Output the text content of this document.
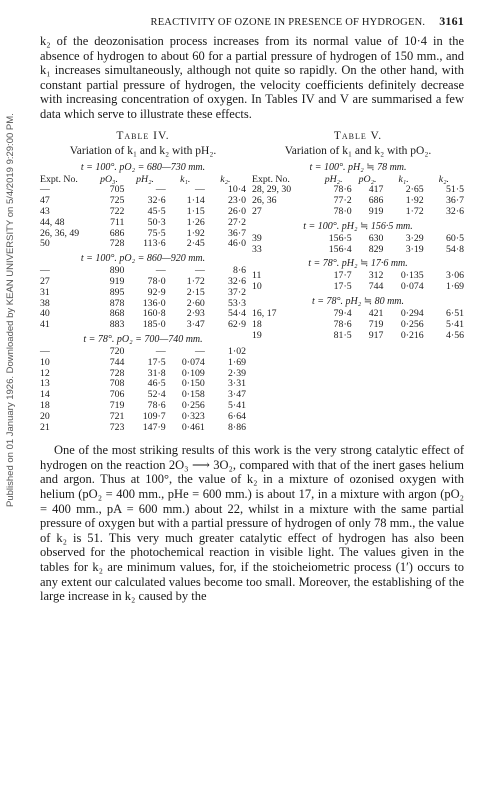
Published on 01 January 1926. Downloaded by KEAN UNIVERSITY on 5/4/2019 9:29:00 PM.
REACTIVITY OF OZONE IN PRESENCE OF HYDROGEN. 3161

k₂ of the deozonisation process increases from its normal value of 10·4 in the absence of hydrogen to about 60 for a partial pressure of hydrogen of 150 mm., and k₁ increases simultaneously, although not quite so rapidly. On the other hand, with constant partial pressure of hydrogen, the velocity coefficients definitely decrease with increasing concentration of oxygen. In Tables IV and V are summarised a few data which serve to illustrate these effects.

Table IV.
Variation of k₁ and k₂ with pH₂.
t = 100°. pO₂ = 680—730 mm.
Expt. No.	pO₃.	pH₂.	k₁.	k₂.
—	705	—	—	10·4
47	725	32·6	1·14	23·0
43	722	45·5	1·15	26·0
44, 48	711	50·3	1·26	27·2
26, 36, 49	686	75·5	1·92	36·7
50	728	113·6	2·45	46·0
t = 100°. pO₂ = 860—920 mm.
—	890	—	—	8·6
27	919	78·0	1·72	32·6
31	895	92·9	2·15	37·2
38	878	136·0	2·60	53·3
40	868	160·8	2·93	54·4
41	883	185·0	3·47	62·9
t = 78°. pO₂ = 700—740 mm.
—	720	—	—	1·02
10	744	17·5	0·074	1·69
12	728	31·8	0·109	2·39
13	708	46·5	0·150	3·31
14	706	52·4	0·158	3·47
18	719	78·6	0·256	5·41
20	721	109·7	0·323	6·64
21	723	147·9	0·461	8·86
Table V.
Variation of k₁ and k₂ with pO₂.
t = 100°. pH₂ ≒ 78 mm.
Expt. No.	pH₂.	pO₂.	k₁.	k₂.
28, 29, 30	78·6	417	2·65	51·5
26, 36	77·2	686	1·92	36·7
27	78·0	919	1·72	32·6
t = 100°. pH₂ ≒ 156·5 mm.
39	156·5	630	3·29	60·5
33	156·4	829	3·19	54·8
t = 78°. pH₂ ≒ 17·6 mm.
11	17·7	312	0·135	3·06
10	17·5	744	0·074	1·69
t = 78°. pH₂ ≒ 80 mm.
16, 17	79·4	421	0·294	6·51
18	78·6	719	0·256	5·41
19	81·5	917	0·216	4·56

One of the most striking results of this work is the very strong catalytic effect of hydrogen on the reaction 2O₃ ⟶ 3O₂, compared with that of the inert gases helium and argon. Thus at 100°, the value of k₂ in a mixture of ozonised oxygen with helium (pO₂ = 400 mm., pHe = 600 mm.) is about 17, in a mixture with argon (pO₂ = 400 mm., pA = 600 mm.) about 22, whilst in a mixture with the same partial pressure of oxygen but with a partial pressure of hydrogen of only 78 mm., the value of k₂ is 51. This very much greater catalytic effect of hydrogen has also been observed for the photochemical reaction in visible light. The values given in the tables for k₂ are minimum values, for, if the stoicheiometric process (1′) occurs to any extent our calculated values become too small. Moreover, the establishing of the large increase in k₂ caused by the
